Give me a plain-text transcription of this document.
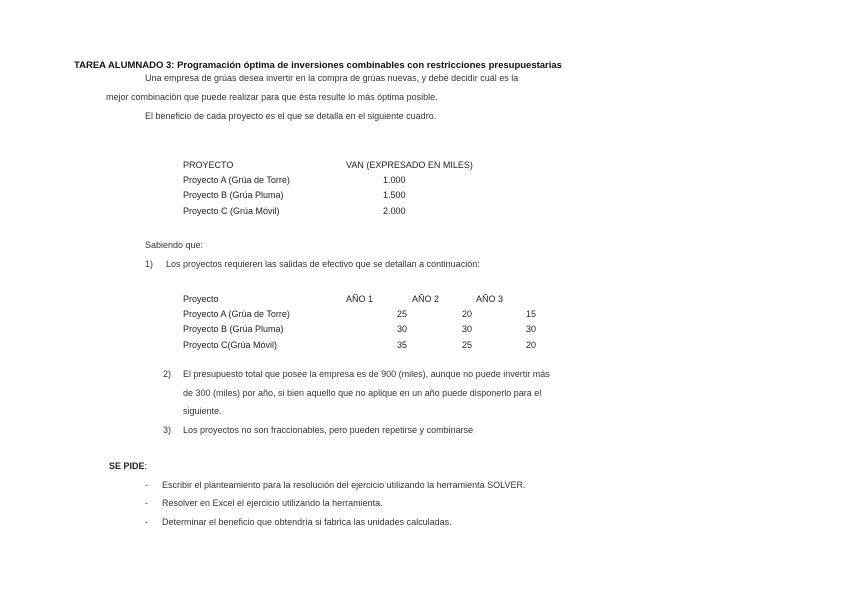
TAREA ALUMNADO 3: Programación óptima de inversiones combinables con restricciones presupuestarias
Una empresa de grúas desea invertir en la compra de grúas nuevas, y debe decidir cuál es la
mejor combinación que puede realizar para que ésta resulte lo más óptima posible.
El beneficio de cada proyecto es el que se detalla en el siguiente cuadro.
PROYECTO	VAN (EXPRESADO EN MILES)
Proyecto A (Grúa de Torre)	1.000
Proyecto B (Grúa Pluma)	1.500
Proyecto C (Grúa Móvil)	2.000
Sabiendo que:
1) Los proyectos requieren las salidas de efectivo que se detallan a continuación:
Proyecto	AÑO 1	AÑO 2	AÑO 3
Proyecto A (Grúa de Torre)	25	20	15
Proyecto B (Grúa Pluma)	30	30	30
Proyecto C(Grúa Móvil)	35	25	20
2) El presupuesto total que posee la empresa es de 900 (miles), aunque no puede invertir más
de 300 (miles) por año, si bien aquello que no aplique en un año puede disponerlo para el
siguiente.
3) Los proyectos no son fraccionables, pero pueden repetirse y combinarse
SE PIDE:
- Escribir el planteamiento para la resolución del ejercicio utilizando la herramienta SOLVER.
- Resolver en Excel el ejercicio utilizando la herramienta.
- Determinar el beneficio que obtendría si fabrica las unidades calculadas.
